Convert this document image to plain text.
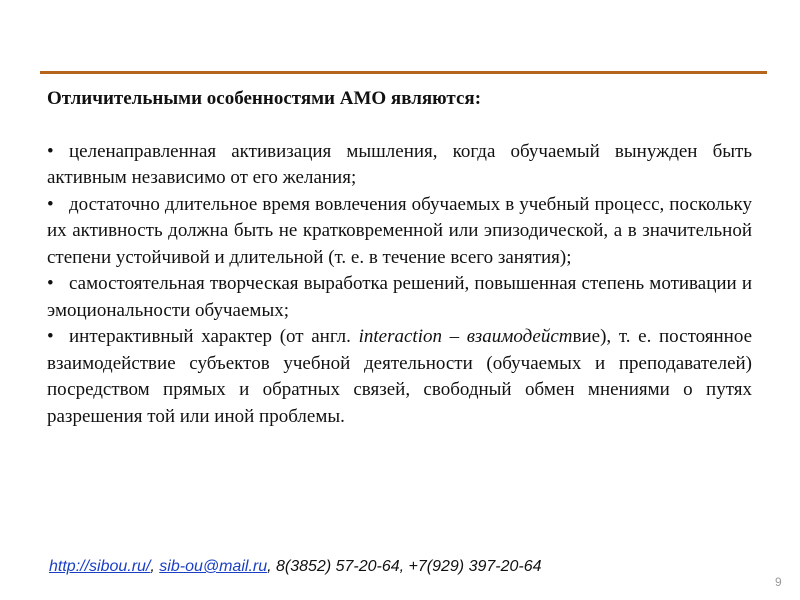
Отличительными особенностями АМО являются:

• целенаправленная активизация мышления, когда обучаемый вынужден быть активным независимо от его желания;

• достаточно длительное время вовлечения обучаемых в учебный процесс, поскольку их активность должна быть не кратковременной или эпизодической, а в значительной степени устойчивой и длительной (т. е. в течение всего занятия);

• самостоятельная творческая выработка решений, повышенная степень мотивации и эмоциональности обучаемых;

• интерактивный характер (от англ. interaction – взаимодействие), т. е. постоянное взаимодействие субъектов учебной деятельности (обучаемых и преподавателей) посредством прямых и обратных связей, свободный обмен мнениями о путях разрешения той или иной проблемы.

http://sibou.ru/, sib-ou@mail.ru, 8(3852) 57-20-64, +7(929) 397-20-64
9
